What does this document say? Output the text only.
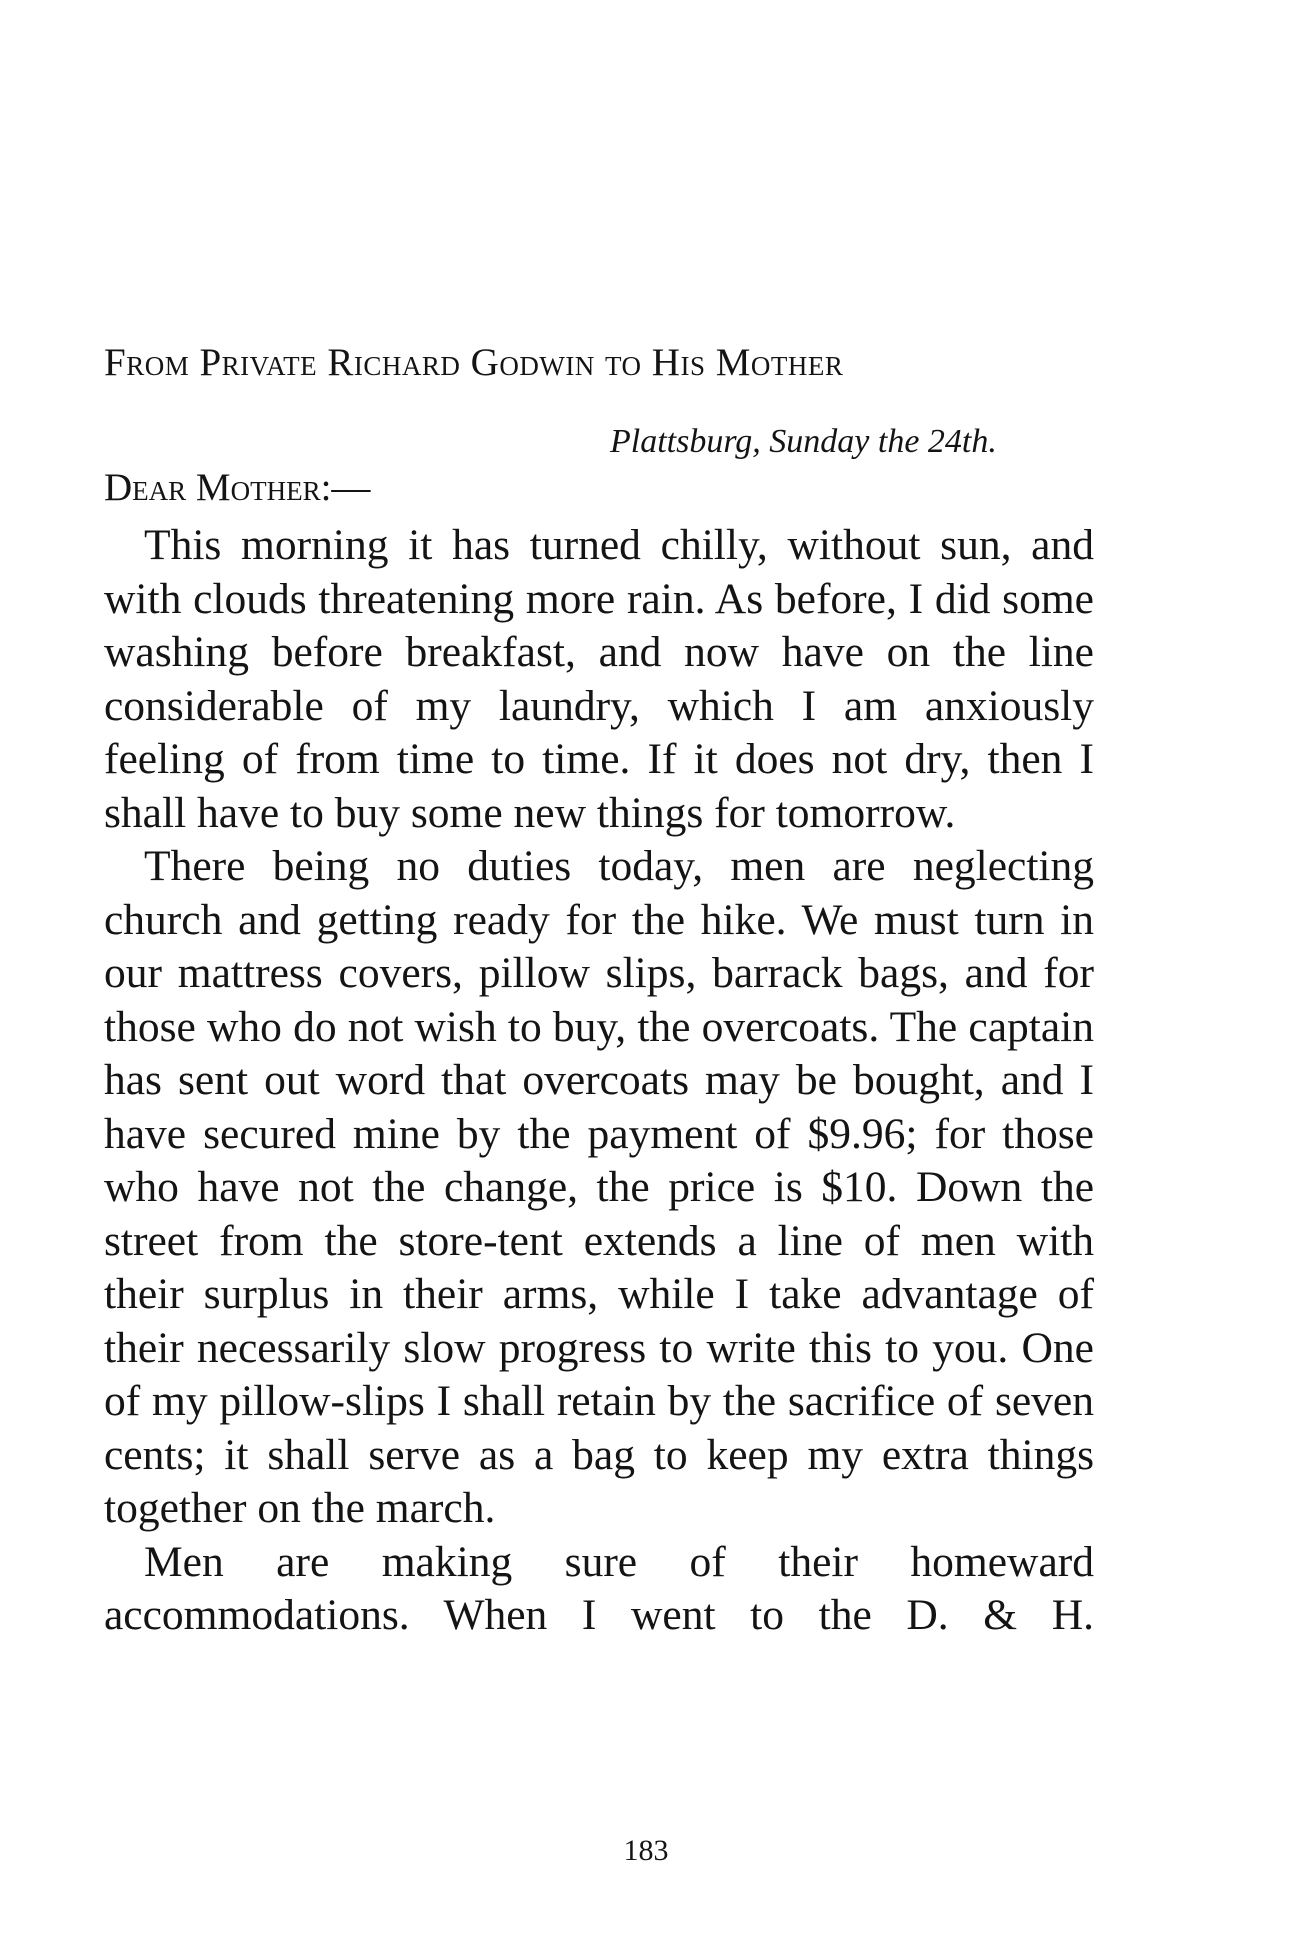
From Private Richard Godwin to His Mother
Plattsburg, Sunday the 24th.
Dear Mother:—

This morning it has turned chilly, without sun, and with clouds threatening more rain. As before, I did some washing before breakfast, and now have on the line considerable of my laundry, which I am anxiously feeling of from time to time. If it does not dry, then I shall have to buy some new things for tomorrow.

There being no duties today, men are neglecting church and getting ready for the hike. We must turn in our mattress covers, pillow slips, barrack bags, and for those who do not wish to buy, the overcoats. The captain has sent out word that overcoats may be bought, and I have secured mine by the payment of $9.96; for those who have not the change, the price is $10. Down the street from the store-tent extends a line of men with their surplus in their arms, while I take advantage of their necessarily slow progress to write this to you. One of my pillow-slips I shall retain by the sacrifice of seven cents; it shall serve as a bag to keep my extra things together on the march.

Men are making sure of their homeward accommodations. When I went to the D. & H.

183
